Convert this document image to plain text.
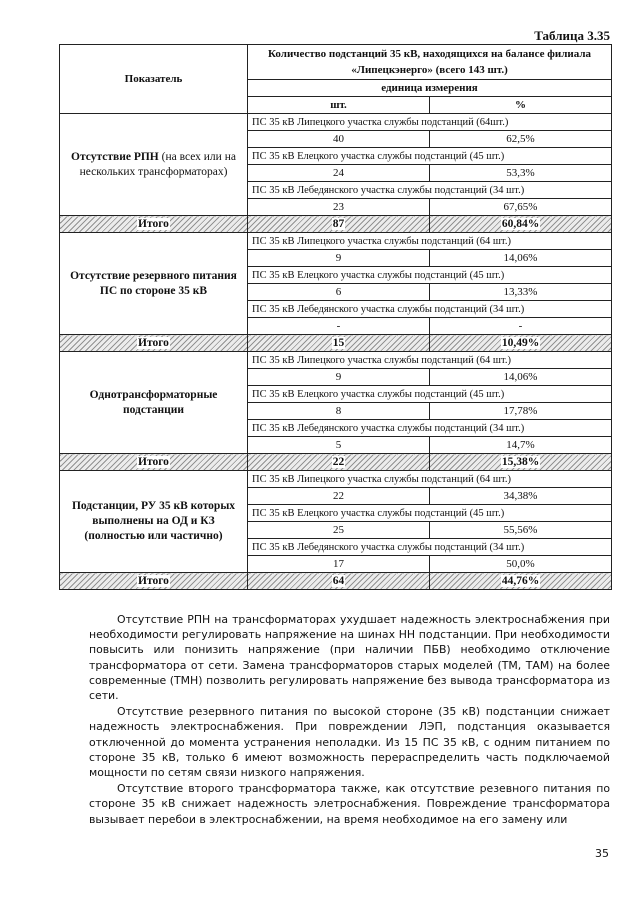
Таблица 3.35
Показатель	Количество подстанций 35 кВ, находящихся на балансе филиала «Липецкэнерго» (всего 143 шт.)	
	единица измерения	
	шт.	%
Отсутствие РПН (на всех или на нескольких трансформаторах)	ПС 35 кВ Липецкого участка службы подстанций (64шт.)	
	40	62,5%
	ПС 35 кВ Елецкого участка службы подстанций (45 шт.)	
	24	53,3%
	ПС 35 кВ Лебедянского участка службы подстанций (34 шт.)	
	23	67,65%
Итого	87	60,84%
Отсутствие резервного питания ПС по стороне 35 кВ	ПС 35 кВ Липецкого участка службы подстанций (64 шт.)	
	9	14,06%
	ПС 35 кВ Елецкого участка службы подстанций (45 шт.)	
	6	13,33%
	ПС 35 кВ Лебедянского участка службы подстанций (34 шт.)	
	-	-
Итого	15	10,49%
Однотрансформаторные подстанции	ПС 35 кВ Липецкого участка службы подстанций (64 шт.)	
	9	14,06%
	ПС 35 кВ Елецкого участка службы подстанций (45 шт.)	
	8	17,78%
	ПС 35 кВ Лебедянского участка службы подстанций (34 шт.)	
	5	14,7%
Итого	22	15,38%
Подстанции, РУ 35 кВ которых выполнены на ОД и КЗ (полностью или частично)	ПС 35 кВ Липецкого участка службы подстанций (64 шт.)	
	22	34,38%
	ПС 35 кВ Елецкого участка службы подстанций (45 шт.)	
	25	55,56%
	ПС 35 кВ Лебедянского участка службы подстанций (34 шт.)	
	17	50,0%
Итого	64	44,76%

Отсутствие РПН на трансформаторах ухудшает надежность электроснабжения при необходимости регулировать напряжение на шинах НН подстанции. При необходимости повысить или понизить напряжение (при наличии ПБВ) необходимо отключение трансформатора от сети. Замена трансформаторов старых моделей (ТМ, ТАМ) на более современные (ТМН) позволить регулировать напряжение без вывода трансформатора из сети.

Отсутствие резервного питания по высокой стороне (35 кВ) подстанции снижает надежность электроснабжения. При повреждении ЛЭП, подстанция оказывается отключенной до момента устранения неполадки. Из 15 ПС 35 кВ, с одним питанием по стороне 35 кВ, только 6 имеют возможность перераспределить часть подключаемой мощности по сетям связи низкого напряжения.

Отсутствие второго трансформатора также, как отсутствие резевного питания по стороне 35 кВ снижает надежность элетроснабжения. Повреждение трансформатора вызывает перебои в электроснабжении, на время необходимое на его замену или

35
